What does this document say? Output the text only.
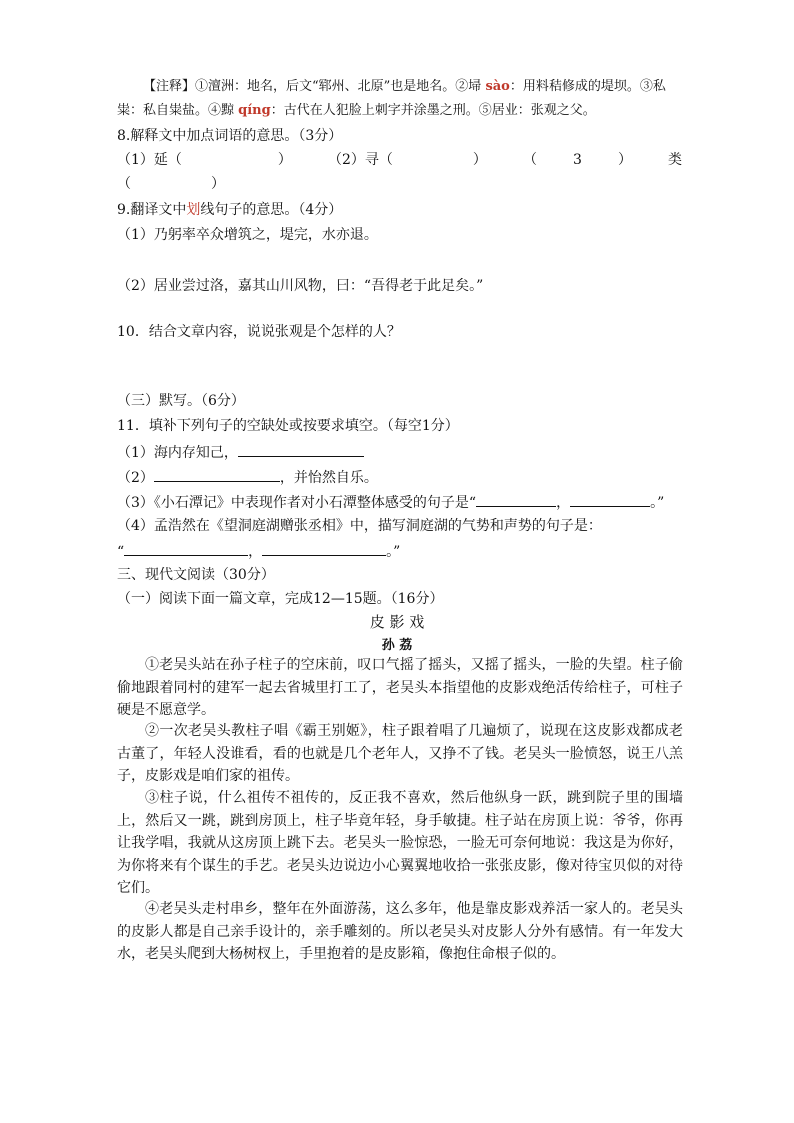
【注释】①澶洲：地名，后文“郓州、北原”也是地名。②埽 sào：用料秸修成的堤坝。③私
粜：私自粜盐。④黥 qíng：古代在人犯脸上刺字并涂墨之刑。⑤居业：张观之父。
8.解释文中加点词语的意思。（3分）
（1）延（	）	（2）寻（	）	（	3	）	类
（	）
9.翻译文中划线句子的意思。（4分）
（1）乃躬率卒众增筑之，堤完，水亦退。
（2）居业尝过洛，嘉其山川风物，曰：“吾得老于此足矣。”
10．结合文章内容，说说张观是个怎样的人？
（三）默写。（6分）
11．填补下列句子的空缺处或按要求填空。（每空1分）
（1）海内存知己，
（2）	，并怡然自乐。
（3）《小石潭记》中表现作者对小石潭整体感受的句子是“	，	。”
（4）孟浩然在《望洞庭湖赠张丞相》中，描写洞庭湖的气势和声势的句子是：
“	，	。”
三、现代文阅读（30分）
（一）阅读下面一篇文章，完成12—15题。（16分）
皮 影 戏
孙 荔
①老吴头站在孙子柱子的空床前，叹口气摇了摇头，又摇了摇头，一脸的失望。柱子偷偷地跟着同村的建军一起去省城里打工了，老吴头本指望他的皮影戏绝活传给柱子，可柱子硬是不愿意学。
②一次老吴头教柱子唱《霸王别姬》，柱子跟着唱了几遍烦了，说现在这皮影戏都成老古董了，年轻人没谁看，看的也就是几个老年人，又挣不了钱。老吴头一脸愤怒，说王八羔子，皮影戏是咱们家的祖传。
③柱子说，什么祖传不祖传的，反正我不喜欢，然后他纵身一跃，跳到院子里的围墙上，然后又一跳，跳到房顶上，柱子毕竟年轻，身手敏捷。柱子站在房顶上说：爷爷，你再让我学唱，我就从这房顶上跳下去。老吴头一脸惊恐，一脸无可奈何地说：我这是为你好，为你将来有个谋生的手艺。老吴头边说边小心翼翼地收拾一张张皮影，像对待宝贝似的对待它们。
④老吴头走村串乡，整年在外面游荡，这么多年，他是靠皮影戏养活一家人的。老吴头的皮影人都是自己亲手设计的，亲手雕刻的。所以老吴头对皮影人分外有感情。有一年发大水，老吴头爬到大杨树杈上，手里抱着的是皮影箱，像抱住命根子似的。
